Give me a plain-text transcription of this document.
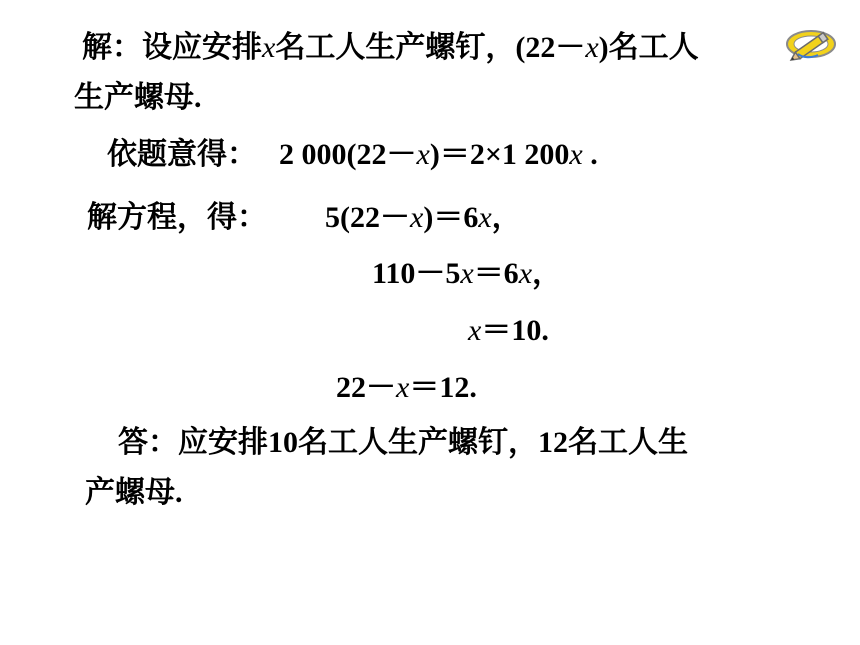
解：设应安排x名工人生产螺钉，(22－x)名工人
生产螺母.
依题意得： 2 000(22－x)＝2×1 200x .
解方程，得： 5(22－x)＝6x，
110－5x＝6x，
x＝10.
22－x＝12.
答：应安排10名工人生产螺钉，12名工人生
产螺母.
